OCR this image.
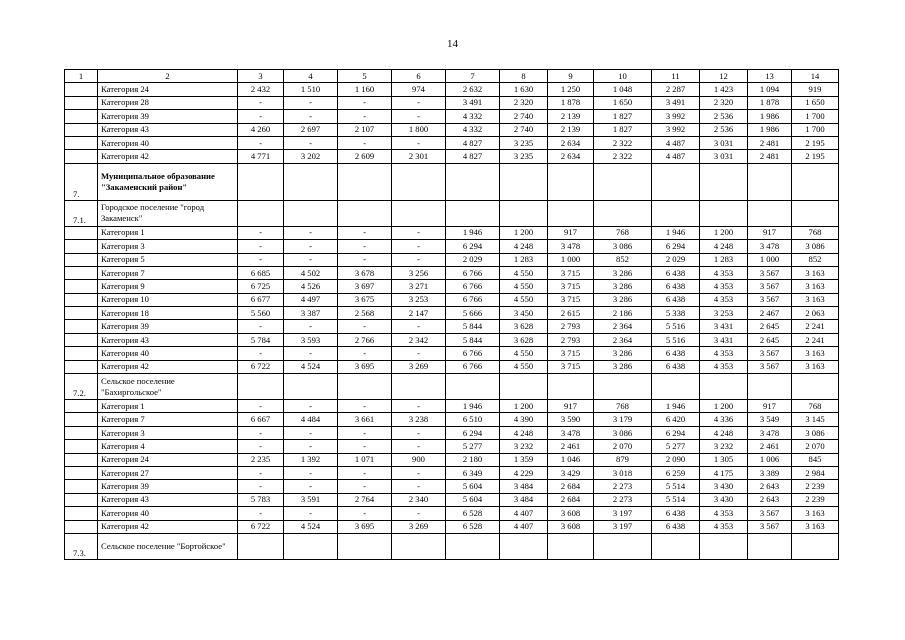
14
1	2	3	4	5	6	7	8	9	10	11	12	13	14
	Категория 24	2 432	1 510	1 160	974	2 632	1 630	1 250	1 048	2 287	1 423	1 094	919
	Категория 28	-	-	-	-	3 491	2 320	1 878	1 650	3 491	2 320	1 878	1 650
	Категория 39	-	-	-	-	4 332	2 740	2 139	1 827	3 992	2 536	1 986	1 700
	Категория 43	4 260	2 697	2 107	1 800	4 332	2 740	2 139	1 827	3 992	2 536	1 986	1 700
	Категория 40	-	-	-	-	4 827	3 235	2 634	2 322	4 487	3 031	2 481	2 195
	Категория 42	4 771	3 202	2 609	2 301	4 827	3 235	2 634	2 322	4 487	3 031	2 481	2 195
7.	Муниципальное образование "Закаменский район"												
7.1.	Городское поселение "город Закаменск"												
	Категория 1	-	-	-	-	1 946	1 200	917	768	1 946	1 200	917	768
	Категория 3	-	-	-	-	6 294	4 248	3 478	3 086	6 294	4 248	3 478	3 086
	Категория 5	-	-	-	-	2 029	1 283	1 000	852	2 029	1 283	1 000	852
	Категория 7	6 685	4 502	3 678	3 256	6 766	4 550	3 715	3 286	6 438	4 353	3 567	3 163
	Категория 9	6 725	4 526	3 697	3 271	6 766	4 550	3 715	3 286	6 438	4 353	3 567	3 163
	Категория 10	6 677	4 497	3 675	3 253	6 766	4 550	3 715	3 286	6 438	4 353	3 567	3 163
	Категория 18	5 560	3 387	2 568	2 147	5 666	3 450	2 615	2 186	5 338	3 253	2 467	2 063
	Категория 39	-	-	-	-	5 844	3 628	2 793	2 364	5 516	3 431	2 645	2 241
	Категория 43	5 784	3 593	2 766	2 342	5 844	3 628	2 793	2 364	5 516	3 431	2 645	2 241
	Категория 40	-	-	-	-	6 766	4 550	3 715	3 286	6 438	4 353	3 567	3 163
	Категория 42	6 722	4 524	3 695	3 269	6 766	4 550	3 715	3 286	6 438	4 353	3 567	3 163
7.2.	Сельское поселение "Бахиргольское"												
	Категория 1	-	-	-	-	1 946	1 200	917	768	1 946	1 200	917	768
	Категория 7	6 667	4 484	3 661	3 238	6 510	4 390	3 590	3 179	6 420	4 336	3 549	3 145
	Категория 3	-	-	-	-	6 294	4 248	3 478	3 086	6 294	4 248	3 478	3 086
	Категория 4	-	-	-	-	5 277	3 232	2 461	2 070	5 277	3 232	2 461	2 070
	Категория 24	2 235	1 392	1 071	900	2 180	1 359	1 046	879	2 090	1 305	1 006	845
	Категория 27	-	-	-	-	6 349	4 229	3 429	3 018	6 259	4 175	3 389	2 984
	Категория 39	-	-	-	-	5 604	3 484	2 684	2 273	5 514	3 430	2 643	2 239
	Категория 43	5 783	3 591	2 764	2 340	5 604	3 484	2 684	2 273	5 514	3 430	2 643	2 239
	Категория 40	-	-	-	-	6 528	4 407	3 608	3 197	6 438	4 353	3 567	3 163
	Категория 42	6 722	4 524	3 695	3 269	6 528	4 407	3 608	3 197	6 438	4 353	3 567	3 163
7.3.	Сельское поселение "Бортойское"												
